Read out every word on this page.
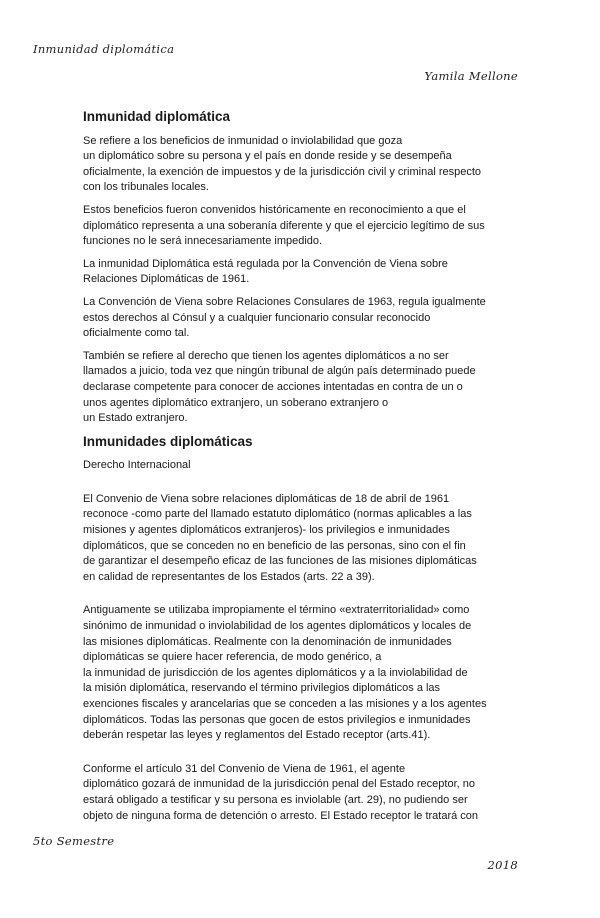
Inmunidad diplomática
Yamila Mellone
Inmunidad diplomática

Se refiere a los beneficios de inmunidad o inviolabilidad que goza
un diplomático sobre su persona y el país en donde reside y se desempeña
oficialmente, la exención de impuestos y de la jurisdicción civil y criminal respecto
con los tribunales locales.

Estos beneficios fueron convenidos históricamente en reconocimiento a que el
diplomático representa a una soberanía diferente y que el ejercicio legítimo de sus
funciones no le será innecesariamente impedido.

La inmunidad Diplomática está regulada por la Convención de Viena sobre
Relaciones Diplomáticas de 1961.

La Convención de Viena sobre Relaciones Consulares de 1963, regula igualmente
estos derechos al Cónsul y a cualquier funcionario consular reconocido
oficialmente como tal.

También se refiere al derecho que tienen los agentes diplomáticos a no ser
llamados a juicio, toda vez que ningún tribunal de algún país determinado puede
declarase competente para conocer de acciones intentadas en contra de un o
unos agentes diplomático extranjero, un soberano extranjero o
un Estado extranjero.

Inmunidades diplomáticas

Derecho Internacional

El Convenio de Viena sobre relaciones diplomáticas de 18 de abril de 1961
reconoce -como parte del llamado estatuto diplomático (normas aplicables a las
misiones y agentes diplomáticos extranjeros)- los privilegios e inmunidades
diplomáticos, que se conceden no en beneficio de las personas, sino con el fin
de garantizar el desempeño eficaz de las funciones de las misiones diplomáticas
en calidad de representantes de los Estados (arts. 22 a 39).

Antiguamente se utilizaba impropiamente el término «extraterritorialidad» como
sinónimo de inmunidad o inviolabilidad de los agentes diplomáticos y locales de
las misiones diplomáticas. Realmente con la denominación de inmunidades
diplomáticas se quiere hacer referencia, de modo genérico, a
la inmunidad de jurisdicción de los agentes diplomáticos y a la inviolabilidad de
la misión diplomática, reservando el término privilegios diplomáticos a las
exenciones fiscales y arancelarias que se conceden a las misiones y a los agentes
diplomáticos. Todas las personas que gocen de estos privilegios e inmunidades
deberán respetar las leyes y reglamentos del Estado receptor (arts.41).

Conforme el artículo 31 del Convenio de Viena de 1961, el agente
diplomático gozará de inmunidad de la jurisdicción penal del Estado receptor, no
estará obligado a testificar y su persona es inviolable (art. 29), no pudiendo ser
objeto de ninguna forma de detención o arresto. El Estado receptor le tratará con

5to Semestre
2018
